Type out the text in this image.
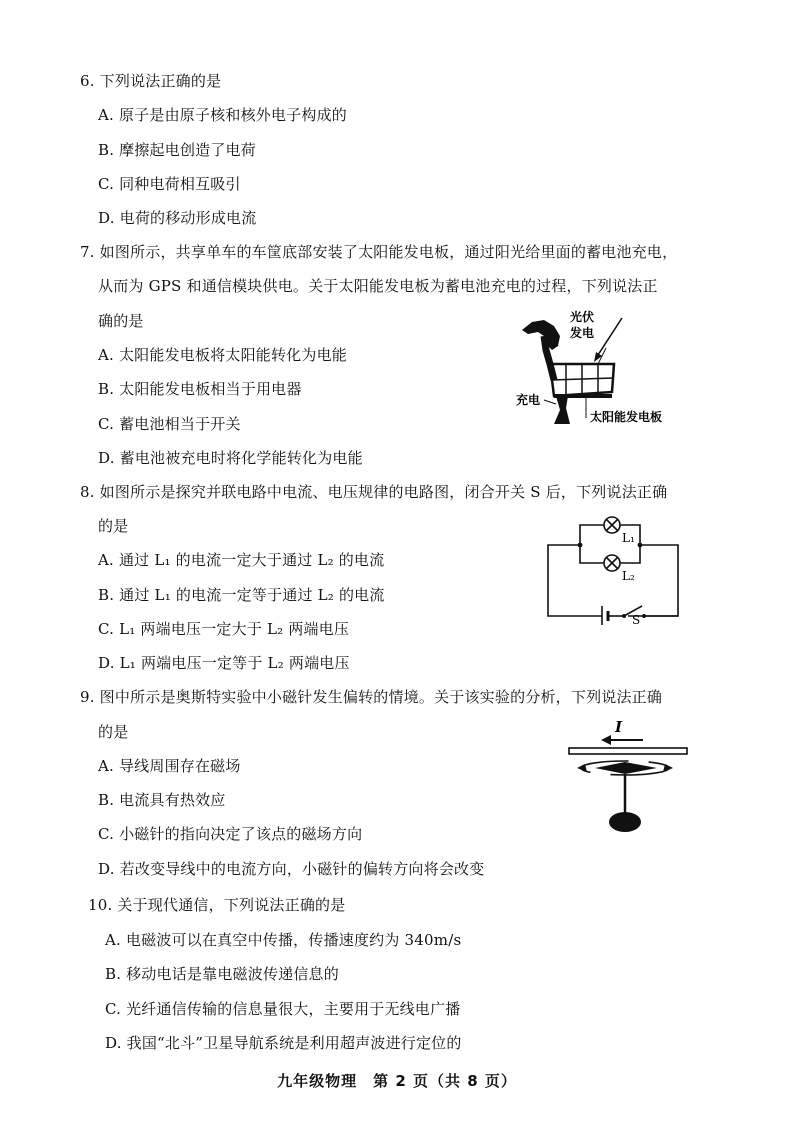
6. 下列说法正确的是
A. 原子是由原子核和核外电子构成的
B. 摩擦起电创造了电荷
C. 同种电荷相互吸引
D. 电荷的移动形成电流
7. 如图所示，共享单车的车筐底部安装了太阳能发电板，通过阳光给里面的蓄电池充电，
从而为 GPS 和通信模块供电。关于太阳能发电板为蓄电池充电的过程，下列说法正
确的是
A. 太阳能发电板将太阳能转化为电能
B. 太阳能发电板相当于用电器
C. 蓄电池相当于开关
D. 蓄电池被充电时将化学能转化为电能
光伏
发电
充电
太阳能发电板
8. 如图所示是探究并联电路中电流、电压规律的电路图，闭合开关 S 后，下列说法正确
的是
A. 通过 L₁ 的电流一定大于通过 L₂ 的电流
B. 通过 L₁ 的电流一定等于通过 L₂ 的电流
C. L₁ 两端电压一定大于 L₂ 两端电压
D. L₁ 两端电压一定等于 L₂ 两端电压
L₁
L₂
S
9. 图中所示是奥斯特实验中小磁针发生偏转的情境。关于该实验的分析，下列说法正确
的是
A. 导线周围存在磁场
B. 电流具有热效应
C. 小磁针的指向决定了该点的磁场方向
D. 若改变导线中的电流方向，小磁针的偏转方向将会改变
I
10. 关于现代通信，下列说法正确的是
A. 电磁波可以在真空中传播，传播速度约为 340m/s
B. 移动电话是靠电磁波传递信息的
C. 光纤通信传输的信息量很大，主要用于无线电广播
D. 我国“北斗”卫星导航系统是利用超声波进行定位的
九年级物理　第 2 页（共 8 页）
